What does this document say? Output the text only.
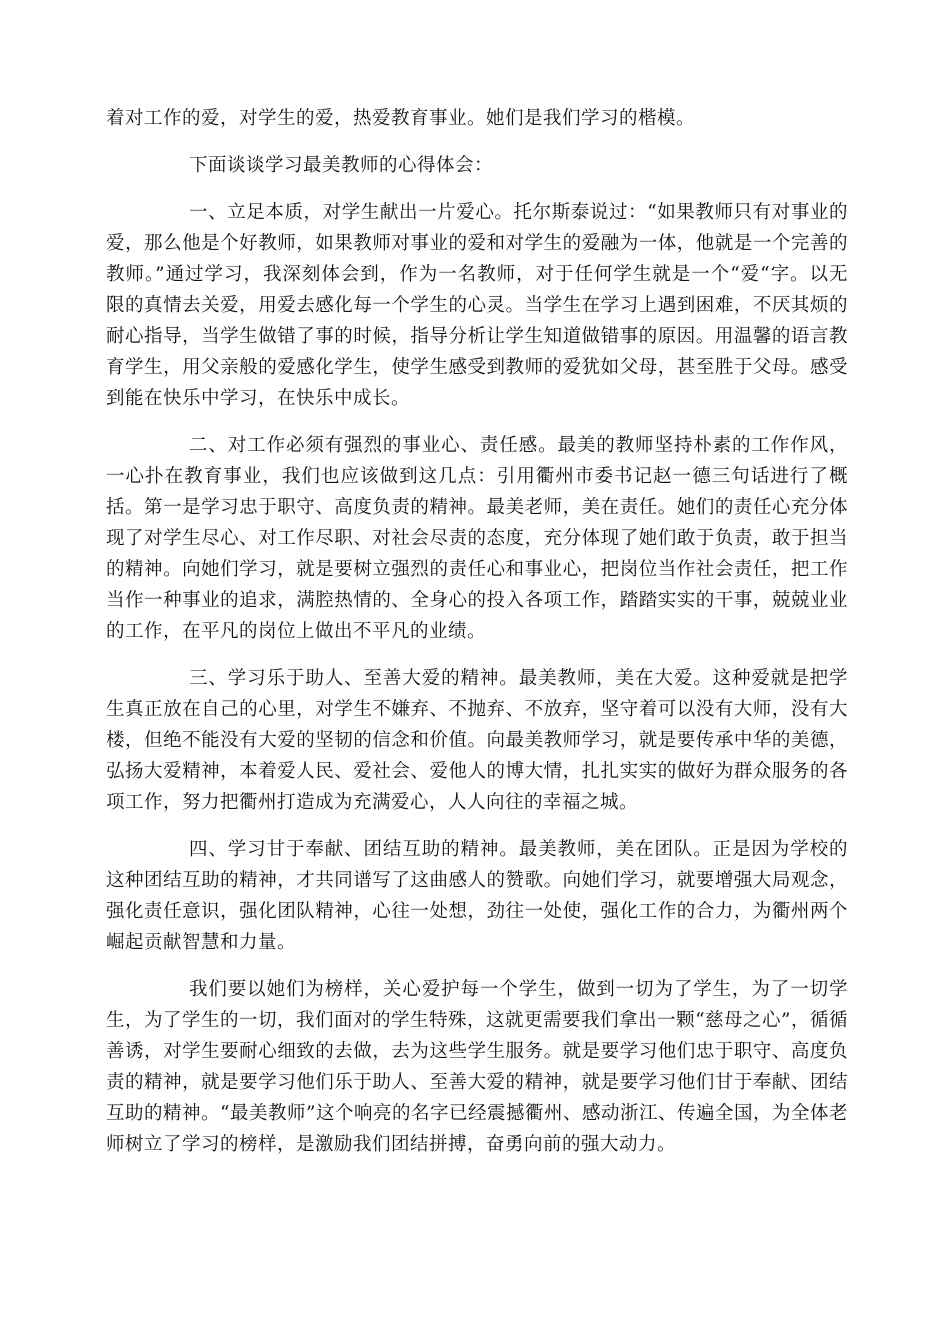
着对工作的爱，对学生的爱，热爱教育事业。她们是我们学习的楷模。

下面谈谈学习最美教师的心得体会：

一、立足本质，对学生献出一片爱心。托尔斯泰说过：“如果教师只有对事业的爱，那么他是个好教师，如果教师对事业的爱和对学生的爱融为一体，他就是一个完善的教师。”通过学习，我深刻体会到，作为一名教师，对于任何学生就是一个“爱“字。以无限的真情去关爱，用爱去感化每一个学生的心灵。当学生在学习上遇到困难，不厌其烦的耐心指导，当学生做错了事的时候，指导分析让学生知道做错事的原因。用温馨的语言教育学生，用父亲般的爱感化学生，使学生感受到教师的爱犹如父母，甚至胜于父母。感受到能在快乐中学习，在快乐中成长。

二、对工作必须有强烈的事业心、责任感。最美的教师坚持朴素的工作作风，一心扑在教育事业，我们也应该做到这几点：引用衢州市委书记赵一德三句话进行了概括。第一是学习忠于职守、高度负责的精神。最美老师，美在责任。她们的责任心充分体现了对学生尽心、对工作尽职、对社会尽责的态度，充分体现了她们敢于负责，敢于担当的精神。向她们学习，就是要树立强烈的责任心和事业心，把岗位当作社会责任，把工作当作一种事业的追求，满腔热情的、全身心的投入各项工作，踏踏实实的干事，兢兢业业的工作，在平凡的岗位上做出不平凡的业绩。

三、学习乐于助人、至善大爱的精神。最美教师，美在大爱。这种爱就是把学生真正放在自己的心里，对学生不嫌弃、不抛弃、不放弃，坚守着可以没有大师，没有大楼，但绝不能没有大爱的坚韧的信念和价值。向最美教师学习，就是要传承中华的美德，弘扬大爱精神，本着爱人民、爱社会、爱他人的博大情，扎扎实实的做好为群众服务的各项工作，努力把衢州打造成为充满爱心，人人向往的幸福之城。

四、学习甘于奉献、团结互助的精神。最美教师，美在团队。正是因为学校的这种团结互助的精神，才共同谱写了这曲感人的赞歌。向她们学习，就要增强大局观念，强化责任意识，强化团队精神，心往一处想，劲往一处使，强化工作的合力，为衢州两个崛起贡献智慧和力量。

我们要以她们为榜样，关心爱护每一个学生，做到一切为了学生，为了一切学生，为了学生的一切，我们面对的学生特殊，这就更需要我们拿出一颗“慈母之心”，循循善诱，对学生要耐心细致的去做，去为这些学生服务。就是要学习他们忠于职守、高度负责的精神，就是要学习他们乐于助人、至善大爱的精神，就是要学习他们甘于奉献、团结互助的精神。“最美教师”这个响亮的名字已经震撼衢州、感动浙江、传遍全国，为全体老师树立了学习的榜样，是激励我们团结拼搏，奋勇向前的强大动力。
